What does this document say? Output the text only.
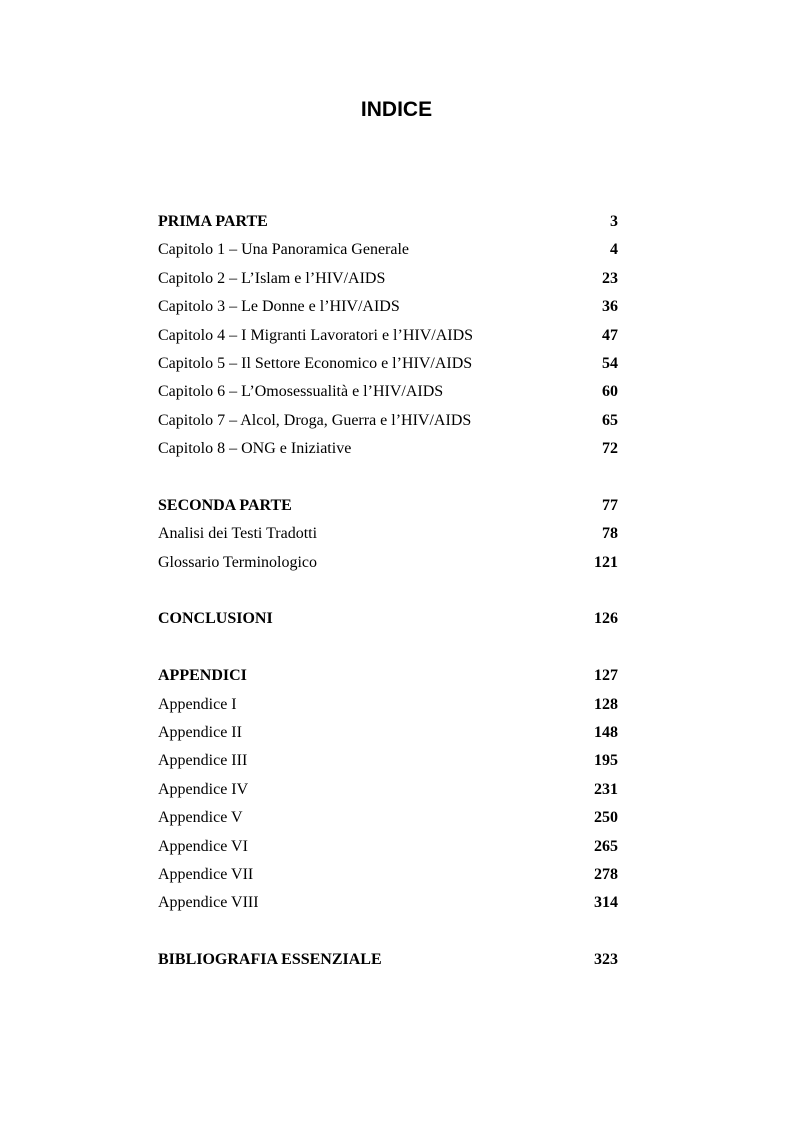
INDICE
PRIMA PARTE	3
Capitolo 1 – Una Panoramica Generale	4
Capitolo 2 – L’Islam e l’HIV/AIDS	23
Capitolo 3 – Le Donne e l’HIV/AIDS	36
Capitolo 4 – I Migranti Lavoratori e l’HIV/AIDS	47
Capitolo 5 – Il Settore Economico e l’HIV/AIDS	54
Capitolo 6 – L’Omosessualità e l’HIV/AIDS	60
Capitolo 7 – Alcol, Droga, Guerra e l’HIV/AIDS	65
Capitolo 8 – ONG e Iniziative	72
SECONDA PARTE	77
Analisi dei Testi Tradotti	78
Glossario Terminologico	121
CONCLUSIONI	126
APPENDICI	127
Appendice I	128
Appendice II	148
Appendice III	195
Appendice IV	231
Appendice V	250
Appendice VI	265
Appendice VII	278
Appendice VIII	314
BIBLIOGRAFIA ESSENZIALE	323
